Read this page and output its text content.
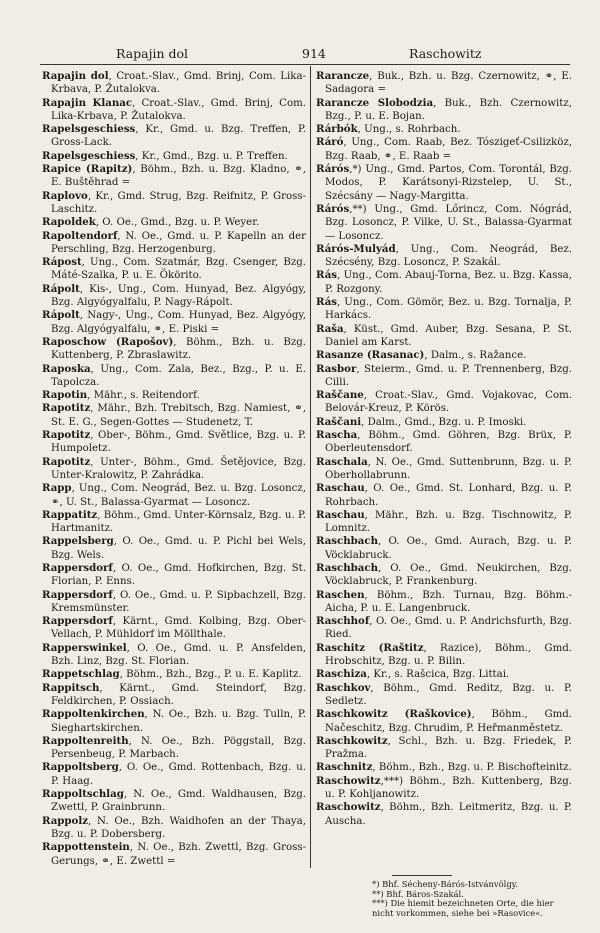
Rapajin dol	914	Raschowitz

Rapajin dol, Croat.-Slav., Gmd. Brinj, Com. Lika-Krbava, P. Žutalokva.

Rapajin Klanac, Croat.-Slav., Gmd. Brinj, Com. Lika-Krbava, P. Žutalokva.

Rapelsgeschiess, Kr., Gmd. u. Bzg. Treffen, P. Gross-Lack.

Rapelsgeschiess, Kr., Gmd., Bzg. u. P. Treffen.

Rapice (Rapitz), Böhm., Bzh. u. Bzg. Kladno, ⚭, E. Buštěhrad =

Raplovo, Kr., Gmd. Strug, Bzg. Reifnitz, P. Gross-Laschitz.

Rapoldek, O. Oe., Gmd., Bzg. u. P. Weyer.

Rapoltendorf, N. Oe., Gmd. u. P. Kapelln an der Perschling, Bzg. Herzogenburg.

Rápost, Ung., Com. Szatmár, Bzg. Csenger, Bzg. Máté-Szalka, P. u. E. Ökörito.

Rápolt, Kis-, Ung., Com. Hunyad, Bez. Algyógy, Bzg. Algyógyalfalu, P. Nagy-Rápolt.

Rápolt, Nagy-, Ung., Com. Hunyad, Bez. Algyógy, Bzg. Algyógyalfalu, ⚭, E. Piski =

Raposchow (Rapošov), Böhm., Bzh. u. Bzg. Kuttenberg, P. Zbraslawitz.

Raposka, Ung., Com. Zala, Bez., Bzg., P. u. E. Tapolcza.

Rapotin, Mähr., s. Reitendorf.

Rapotitz, Mähr., Bzh. Trebitsch, Bzg. Namiest, ⚭, St. E. G., Segen-Gottes — Studenetz, T.

Rapotitz, Ober-, Böhm., Gmd. Světlice, Bzg. u. P. Humpoletz.

Rapotitz, Unter-, Böhm., Gmd. Šetějovice, Bzg. Unter-Kralowitz, P. Zahrádka.

Rapp, Ung., Com. Neográd, Bez. u. Bzg. Losoncz, ⚭, U. St., Balassa-Gyarmat — Losoncz.

Rappatitz, Böhm., Gmd. Unter-Körnsalz, Bzg. u. P. Hartmanitz.

Rappelsberg, O. Oe., Gmd. u. P. Pichl bei Wels, Bzg. Wels.

Rappersdorf, O. Oe., Gmd. Hofkirchen, Bzg. St. Florian, P. Enns.

Rappersdorf, O. Oe., Gmd. u. P. Sipbachzell, Bzg. Kremsmünster.

Rappersdorf, Kärnt., Gmd. Kolbing, Bzg. Ober-Vellach, P. Mühldorf im Möllthale.

Rapperswinkel, O. Oe., Gmd. u. P. Ansfelden, Bzh. Linz, Bzg. St. Florian.

Rappetschlag, Böhm., Bzh., Bzg., P. u. E. Kaplitz.

Rappitsch, Kärnt., Gmd. Steindorf, Bzg. Feldkirchen, P. Ossiach.

Rappoltenkirchen, N. Oe., Bzh. u. Bzg. Tulln, P. Sieghartskirchen.

Rappoltenreith, N. Oe., Bzh. Pöggstall, Bzg. Persenbeug, P. Marbach.

Rappoltsberg, O. Oe., Gmd. Rottenbach, Bzg. u. P. Haag.

Rappoltschlag, N. Oe., Gmd. Waldhausen, Bzg. Zwettl, P. Grainbrunn.

Rappolz, N. Oe., Bzh. Waidhofen an der Thaya, Bzg. u. P. Dobersberg.

Rappottenstein, N. Oe., Bzh. Zwettl, Bzg. Gross-Gerungs, ⚭, E. Zwettl =

Raranczе, Buk., Bzh. u. Bzg. Czernowitz, ⚭, E. Sadagora =

Raranczе Slobodzia, Buk., Bzh. Czernowitz, Bzg., P. u. E. Bojan.

Rárbók, Ung., s. Rohrbach.

Ráró, Ung., Com. Raab, Bez. Tószigeť-Csilizköz, Bzg. Raab, ⚭, E. Raab =

Rárós,*) Ung., Gmd. Partos, Com. Torontál, Bzg. Modos, P. Karátsonyi-Rizstelep, U. St., Szécsány — Nagy-Margitta.

Rárós,**) Ung., Gmd. Lőrincz, Com. Nógrád, Bzg. Losoncz, P. Vilke, U. St., Balassa-Gyarmat — Losoncz.

Rárós-Mulyád, Ung., Com. Neográd, Bez. Szécsény, Bzg. Losoncz, P. Szakál.

Rás, Ung., Com. Abauj-Torna, Bez. u. Bzg. Kassa, P. Rozgony.

Rás, Ung., Com. Gömör, Bez. u. Bzg. Tornalja, P. Harkács.

Raša, Küst., Gmd. Auber, Bzg. Sesana, P. St. Daniel am Karst.

Rasanze (Rasanac), Dalm., s. Ražance.

Rasbor, Steierm., Gmd. u. P. Trennenberg, Bzg. Cilli.

Raščane, Croat.-Slav., Gmd. Vojakovac, Com. Belovár-Kreuz, P. Körös.

Raščani, Dalm., Gmd., Bzg. u. P. Imoski.

Rascha, Böhm., Gmd. Göhren, Bzg. Brüx, P. Oberleutensdorf.

Raschala, N. Oe., Gmd. Suttenbrunn, Bzg. u. P. Oberhollabrunn.

Raschau, O. Oe., Gmd. St. Lonhard, Bzg. u. P. Rohrbach.

Raschau, Mähr., Bzh. u. Bzg. Tischnowitz, P. Lomnitz.

Raschbach, O. Oe., Gmd. Aurach, Bzg. u. P. Vöcklabruck.

Raschbach, O. Oe., Gmd. Neukirchen, Bzg. Vöcklabruck, P. Frankenburg.

Raschen, Böhm., Bzh. Turnau, Bzg. Böhm.-Aicha, P. u. E. Langenbruck.

Raschhof, O. Oe., Gmd. u. P. Andrichsfurth, Bzg. Ried.

Raschitz (Raštitz, Razice), Böhm., Gmd. Hrobschitz, Bzg. u. P. Bilin.

Raschiza, Kr., s. Rašcica, Bzg. Littai.

Raschkov, Böhm., Gmd. Reditz, Bzg. u. P. Sedletz.

Raschkowitz (Raškovice), Böhm., Gmd. Načeschitz, Bzg. Chrudim, P. Heřmanměstetz.

Raschkowitz, Schl., Bzh. u. Bzg. Friedek, P. Pražma.

Raschnitz, Böhm., Bzh., Bzg. u. P. Bischofteinitz.

Raschowitz,***) Böhm., Bzh. Kuttenberg, Bzg. u. P. Kohljanowitz.

Raschowitz, Böhm., Bzh. Leitmeritz, Bzg. u. P. Auscha.

*) Bhf. Sécheny-Bárós-Istvánvölgy.

**) Bhf. Báros-Szakál.

***) Die hiemit bezeichneten Orte, die hier nicht vorkommen, siehe bei »Rasovice«.
